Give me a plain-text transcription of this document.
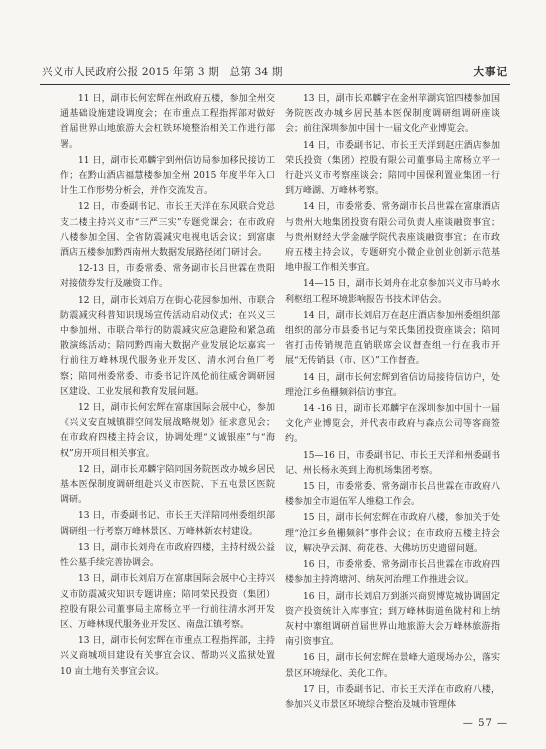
兴义市人民政府公报 2015 年第 3 期　总第 34 期	大事记

11 日，副市长何宏辉在州政府五楼，参加全州交通基础设施建设调度会；在市重点工程指挥部对做好首届世界山地旅游大会杠铁环境整治相关工作进行部署。

11 日，副市长邓麟宇到州信访局参加移民接访工作；在黔山酒店福慧楼参加全州 2015 年度半年入口计生工作形势分析会，并作交流发言。

12 日，市委副书记、市长王天洋在东风联合党总支二楼主持兴义市“三严三实”专题党课会；在市政府八楼参加全国、全省防震减灾电视电话会议；到富康酒店五楼参加黔西南州大数据发展路径闭门研讨会。

12-13 日，市委常委、常务副市长吕世霖在贵阳对接债券发行及融资工作。

12 日，副市长刘启万在街心花园参加州、市联合防震减灾科普知识现场宣传活动启动仪式；在兴义三中参加州、市联合举行的防震减灾应急避险和紧急疏散演练活动；陪同黔西南大数据产业发展论坛嘉宾一行前往万峰林现代服务业开发区、清水河台鱼厂考察；陪同州委常委、市委书记许凤伦前往威舍调研园区建设、工业发展和教育发展问题。

12 日，副市长何宏辉在富康国际会展中心，参加《兴义安直城镇群空间发展战略规划》征求意见会；在市政府四楼主持会议，协调处理“义诚银座”与“海权”房开项目相关事宜。

12 日，副市长邓麟宇陪同国务院医改办城乡居民基本医保制度调研组赴兴义市医院、下五屯景区医院调研。

13 日，市委副书记、市长王天洋陪同州委组织部调研组一行考察万峰林景区、万峰林新农村建设。

13 日，副市长刘舟在市政府四楼，主持村级公益性公墓手续完善协调会。

13 日，副市长刘启万在富康国际会展中心主持兴义市防震减灾知识专题讲座；陪同荣民投资（集团）控股有限公司董事局主席杨立平一行前往清水河开发区、万峰林现代服务业开发区、南盘江镇考察。

13 日，副市长何宏辉在市重点工程指挥部，主持兴义商城项目建设有关事宜会议、帮助兴义监狱处置 10 亩土地有关事宜会议。

13 日，副市长邓麟宇在金州苹湖宾馆四楼参加国务院医改办城乡居民基本医保制度调研组调研座谈会；前往深圳参加中国十一届文化产业博览会。

14 日，市委副书记、市长王天洋到赵庄酒店参加荣氏投资（集团）控股有限公司董事局主席杨立平一行赴兴义市考察座谈会；陪同中国保利置业集团一行到万峰湖、万峰林考察。

14 日，市委常委、常务副市长吕世霖在富康酒店与贵州大地集团投资有限公司负责人座谈融资事宜；与贵州财经大学金融学院代表座谈融资事宜；在市政府五楼主持会议，专题研究小微企业创业创新示范基地申报工作相关事宜。

14—15 日，副市长刘舟在北京参加兴义市马岭水利枢纽工程环境影响报告书技术评估会。

14 日，副市长刘启万在赵庄酒店参加州委组织部组织的部分市县委书记与荣氏集团投资座谈会；陪同省打击传销规范直销联席会议督查组一行在我市开展“无传销县（市、区）”工作督查。

14 日，副市长何宏辉到省信访局接待信访户，处理沧江乡鱼栅频斜信访事宜。

14 -16 日，副市长邓麟宇在深圳参加中国十一届文化产业博览会，并代表市政府与森点公司等客商签约。

15—16 日，市委副书记、市长王天洋和州委副书记、州长杨永英到上海机场集团考察。

15 日，市委常委、常务副市长吕世霖在市政府八楼参加全市退伍军人维稳工作会。

15 日，副市长何宏辉在市政府八楼，参加关于处理“沧江乡鱼栅频斜”事件会议；在市政府五楼主持会议，解决孕云洞、荷花巷、大佛坊历史遗留问题。

16 日，市委常委、常务副市长吕世霖在市政府四楼参加主持湾塘河、纳灰河治理工作推进会议。

16 日，副市长刘启万到浙兴商贸博览城协调固定资产投资统计入库事宜；到万峰林街道鱼陇村和上纳灰村中寨组调研首届世界山地旅游大会万峰林旅游指南引资事宜。

16 日，副市长何宏辉在景峰大道现场办公，落实景区环境绿化、美化工作。

17 日，市委副书记、市长王天洋在市政府八楼，参加兴义市景区环境综合整治及城市管理体

— 57 —
